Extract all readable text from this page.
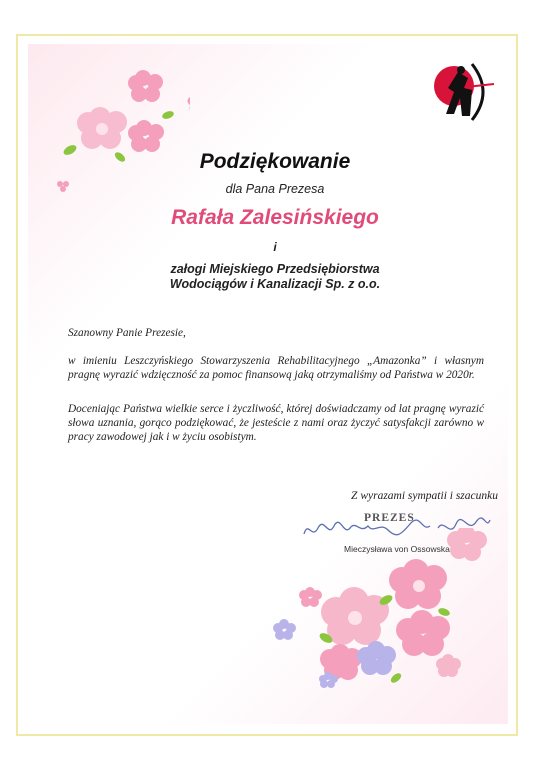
Podziękowanie
dla Pana Prezesa
Rafała Zalesińskiego
i
załogi Miejskiego Przedsiębiorstwa
Wodociągów i Kanalizacji Sp. z o.o.
Szanowny Panie Prezesie,
w imieniu Leszczyńskiego Stowarzyszenia Rehabilitacyjnego „Amazonka” i własnym pragnę wyrazić wdzięczność za pomoc finansową jaką otrzymaliśmy od Państwa w 2020r.
Doceniając Państwa wielkie serce i życzliwość, której doświadczamy od lat pragnę wyrazić słowa uznania, gorąco podziękować, że jesteście z nami oraz życzyć satysfakcji zarówno w pracy zawodowej jak i w życiu osobistym.
Z wyrazami sympatii i szacunku
PREZES
Mieczysława von Ossowska
